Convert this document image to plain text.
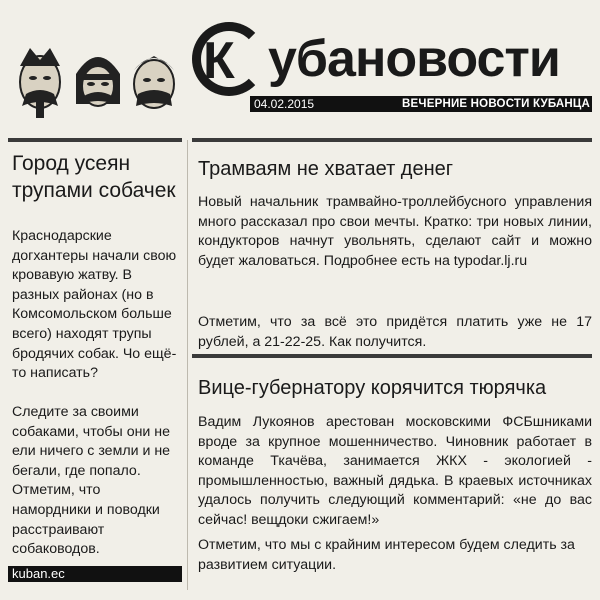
К убановости
04.02.2015	ВЕЧЕРНИЕ НОВОСТИ КУБАНЦА
Город усеян трупами собачек
Краснодарские догхантеры начали свою кровавую жатву. В разных районах (но в Комсомольском больше всего) находят трупы бродячих собак. Чо ещё-то написать?
Следите за своими собаками, чтобы они не ели ничего с земли и не бегали, где попало. Отметим, что намордники и поводки расстраивают собаководов.
kuban.ec
Трамваям не хватает денег
Новый начальник трамвайно-троллейбусного управления много рассказал про свои мечты. Кратко: три новых линии, кондукторов начнут увольнять, сделают сайт и можно будет жаловаться. Подробнее есть на typodar.lj.ru
Отметим, что за всё это придётся платить уже не 17 рублей, а 21-22-25. Как получится.
Вице-губернатору корячится тюрячка
Вадим Лукоянов арестован московскими ФСБшниками вроде за крупное мошенничество. Чиновник работает в команде Ткачёва, занимается ЖКХ - экологией - промышленностью, важный дядька. В краевых источниках удалось получить следующий комментарий: «не до вас сейчас! вещдоки сжигаем!»
Отметим, что мы с крайним интересом будем следить за развитием ситуации.
